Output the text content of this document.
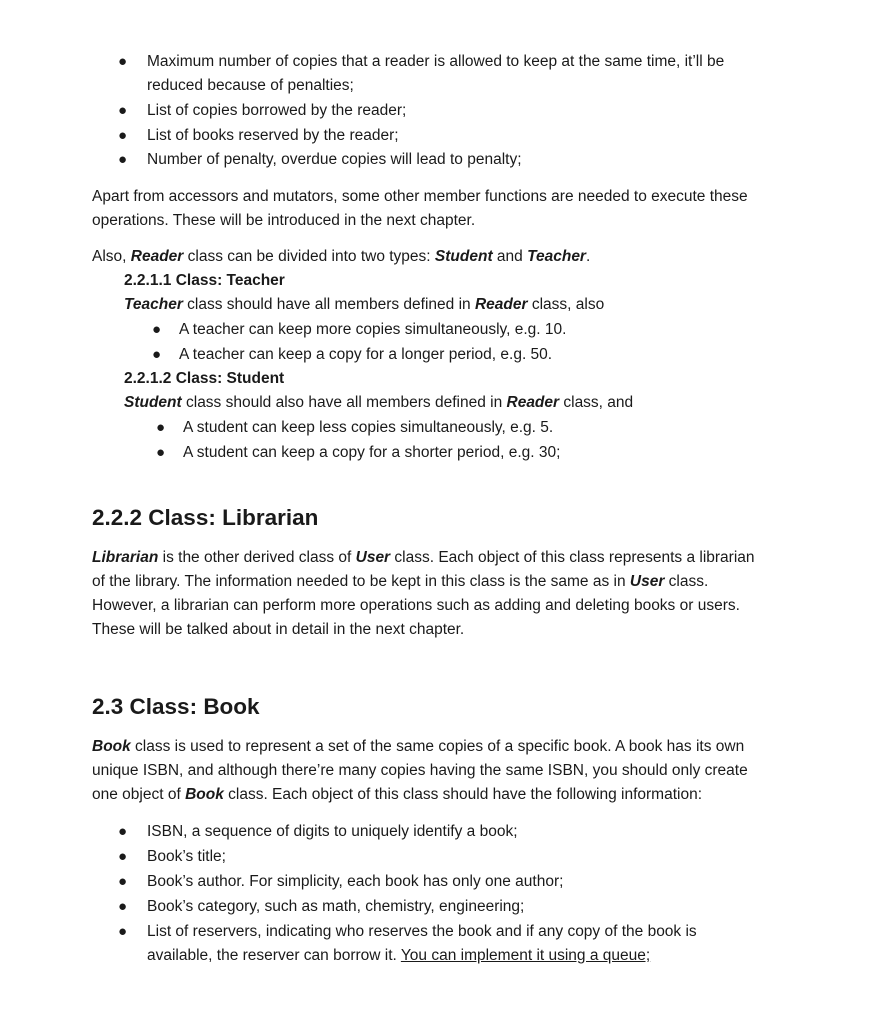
● Maximum number of copies that a reader is allowed to keep at the same time, it’ll be
reduced because of penalties;
● List of copies borrowed by the reader;
● List of books reserved by the reader;
● Number of penalty, overdue copies will lead to penalty;
Apart from accessors and mutators, some other member functions are needed to execute these
operations. These will be introduced in the next chapter.
Also, Reader class can be divided into two types: Student and Teacher.
2.2.1.1 Class: Teacher
Teacher class should have all members defined in Reader class, also
● A teacher can keep more copies simultaneously, e.g. 10.
● A teacher can keep a copy for a longer period, e.g. 50.
2.2.1.2 Class: Student
Student class should also have all members defined in Reader class, and
● A student can keep less copies simultaneously, e.g. 5.
● A student can keep a copy for a shorter period, e.g. 30;
2.2.2 Class: Librarian
Librarian is the other derived class of User class. Each object of this class represents a librarian
of the library. The information needed to be kept in this class is the same as in User class.
However, a librarian can perform more operations such as adding and deleting books or users.
These will be talked about in detail in the next chapter.
2.3 Class: Book
Book class is used to represent a set of the same copies of a specific book. A book has its own
unique ISBN, and although there’re many copies having the same ISBN, you should only create
one object of Book class. Each object of this class should have the following information:
● ISBN, a sequence of digits to uniquely identify a book;
● Book’s title;
● Book’s author. For simplicity, each book has only one author;
● Book’s category, such as math, chemistry, engineering;
● List of reservers, indicating who reserves the book and if any copy of the book is
available, the reserver can borrow it. You can implement it using a queue;
